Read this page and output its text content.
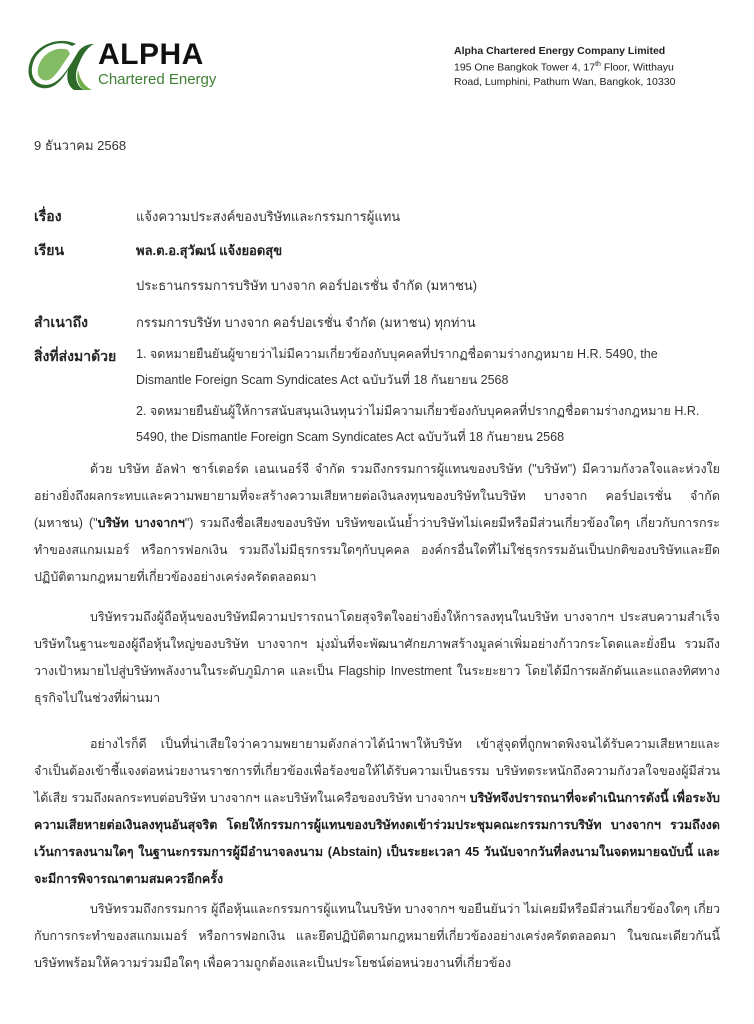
ALPHA
Chartered Energy
Alpha Chartered Energy Company Limited
195 One Bangkok Tower 4, 17th Floor, Witthayu
Road, Lumphini, Pathum Wan, Bangkok, 10330
9 ธันวาคม 2568
เรื่อง	แจ้งความประสงค์ของบริษัทและกรรมการผู้แทน
เรียน	พล.ต.อ.สุวัฒน์ แจ้งยอดสุข
ประธานกรรมการบริษัท บางจาก คอร์ปอเรชั่น จำกัด (มหาชน)
สำเนาถึง	กรรมการบริษัท บางจาก คอร์ปอเรชั่น จำกัด (มหาชน) ทุกท่าน
สิ่งที่ส่งมาด้วย 1. จดหมายยืนยันผู้ขายว่าไม่มีความเกี่ยวข้องกับบุคคลที่ปรากฏชื่อตามร่างกฎหมาย H.R. 5490, the Dismantle Foreign Scam Syndicates Act ฉบับวันที่ 18 กันยายน 2568
2. จดหมายยืนยันผู้ให้การสนับสนุนเงินทุนว่าไม่มีความเกี่ยวข้องกับบุคคลที่ปรากฏชื่อตามร่างกฎหมาย H.R. 5490, the Dismantle Foreign Scam Syndicates Act ฉบับวันที่ 18 กันยายน 2568
ด้วย บริษัท อัลฟ่า ชาร์เตอร์ด เอนเนอร์จี จำกัด รวมถึงกรรมการผู้แทนของบริษัท ("บริษัท") มีความกังวลใจและห่วงใยอย่างยิ่งถึงผลกระทบและความพยายามที่จะสร้างความเสียหายต่อเงินลงทุนของบริษัทในบริษัท บางจาก คอร์ปอเรชั่น จำกัด (มหาชน) ("บริษัท บางจากฯ") รวมถึงชื่อเสียงของบริษัท บริษัทขอเน้นย้ำว่าบริษัทไม่เคยมีหรือมีส่วนเกี่ยวข้องใดๆ เกี่ยวกับการกระทำของสแกมเมอร์ หรือการฟอกเงิน รวมถึงไม่มีธุรกรรมใดๆกับบุคคล องค์กรอื่นใดที่ไม่ใช่ธุรกรรมอันเป็นปกติของบริษัทและยึดปฏิบัติตามกฎหมายที่เกี่ยวข้องอย่างเคร่งครัดตลอดมา
บริษัทรวมถึงผู้ถือหุ้นของบริษัทมีความปรารถนาโดยสุจริตใจอย่างยิ่งให้การลงทุนในบริษัท บางจากฯ ประสบความสำเร็จ บริษัทในฐานะของผู้ถือหุ้นใหญ่ของบริษัท บางจากฯ มุ่งมั่นที่จะพัฒนาศักยภาพสร้างมูลค่าเพิ่มอย่างก้าวกระโดดและยั่งยืน รวมถึงวางเป้าหมายไปสู่บริษัทพลังงานในระดับภูมิภาค และเป็น Flagship Investment ในระยะยาว โดยได้มีการผลักดันและแถลงทิศทางธุรกิจไปในช่วงที่ผ่านมา
อย่างไรก็ดี เป็นที่น่าเสียใจว่าความพยายามดังกล่าวได้นำพาให้บริษัท เข้าสู่จุดที่ถูกพาดพิงจนได้รับความเสียหายและจำเป็นต้องเข้าชี้แจงต่อหน่วยงานราชการที่เกี่ยวข้องเพื่อร้องขอให้ได้รับความเป็นธรรม บริษัทตระหนักถึงความกังวลใจของผู้มีส่วนได้เสีย รวมถึงผลกระทบต่อบริษัท บางจากฯ และบริษัทในเครือของบริษัท บางจากฯ บริษัทจึงปรารถนาที่จะดำเนินการดังนี้ เพื่อระงับความเสียหายต่อเงินลงทุนอันสุจริต โดยให้กรรมการผู้แทนของบริษัทงดเข้าร่วมประชุมคณะกรรมการบริษัท บางจากฯ รวมถึงงดเว้นการลงนามใดๆ ในฐานะกรรมการผู้มีอำนาจลงนาม (Abstain) เป็นระยะเวลา 45 วันนับจากวันที่ลงนามในจดหมายฉบับนี้ และจะมีการพิจารณาตามสมควรอีกครั้ง
บริษัทรวมถึงกรรมการ ผู้ถือหุ้นและกรรมการผู้แทนในบริษัท บางจากฯ ขอยืนยันว่า ไม่เคยมีหรือมีส่วนเกี่ยวข้องใดๆ เกี่ยวกับการกระทำของสแกมเมอร์ หรือการฟอกเงิน และยึดปฏิบัติตามกฎหมายที่เกี่ยวข้องอย่างเคร่งครัดตลอดมา ในขณะเดียวกันนี้ บริษัทพร้อมให้ความร่วมมือใดๆ เพื่อความถูกต้องและเป็นประโยชน์ต่อหน่วยงานที่เกี่ยวข้อง
